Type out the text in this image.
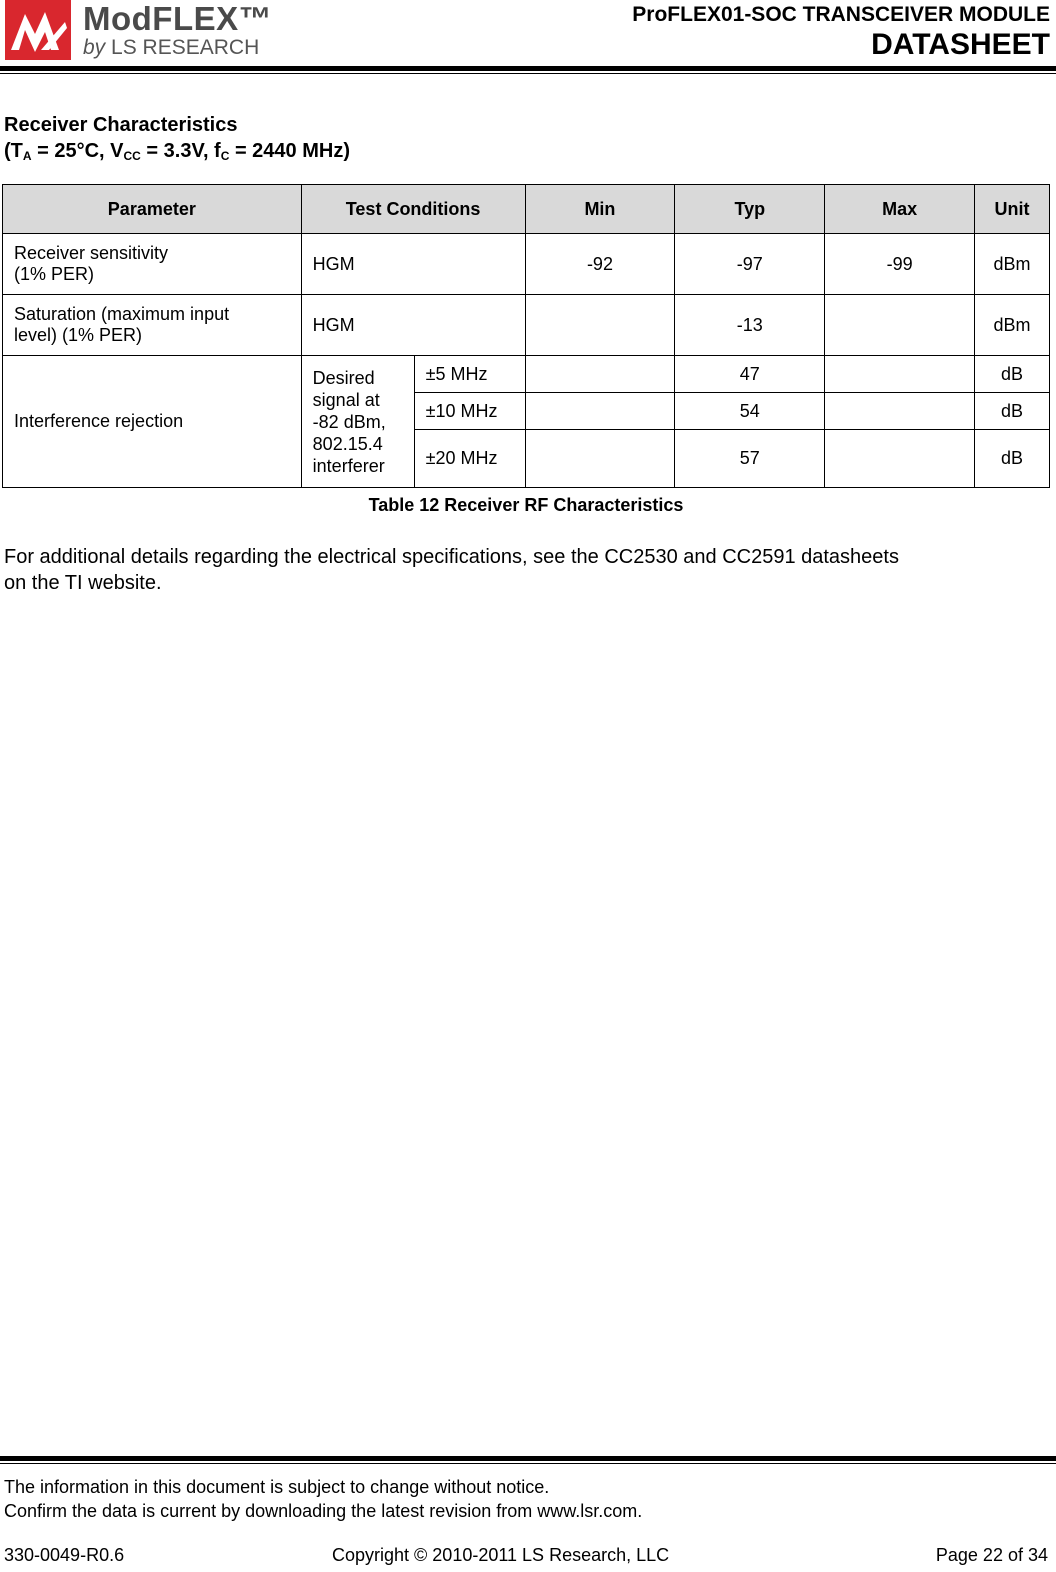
ModFLEX™
by LS RESEARCH
ProFLEX01-SOC TRANSCEIVER MODULE
DATASHEET
Receiver Characteristics
($T_A = 25^\circ C$, $V_{CC} = 3.3V$, $f_C = 2440$ MHz)
Parameter	Test Conditions		Min	Typ	Max	Unit

Receiver sensitivity
(1% PER)	HGM		-92	-97	-99	dBm

Saturation (maximum input
level) (1% PER)	HGM			-13		dBm
Interference rejection	Desired
signal at
-82 dBm,
802.15.4
interferer	±5 MHz		47		dB
		±10 MHz		54		dB
		±20 MHz		57		dB
Table 12 Receiver RF Characteristics
For additional details regarding the electrical specifications, see the CC2530 and CC2591 datasheets
on the TI website.
The information in this document is subject to change without notice.
Confirm the data is current by downloading the latest revision from www.lsr.com.
330-0049-R0.6	Copyright © 2010-2011 LS Research, LLC	Page 22 of 34
